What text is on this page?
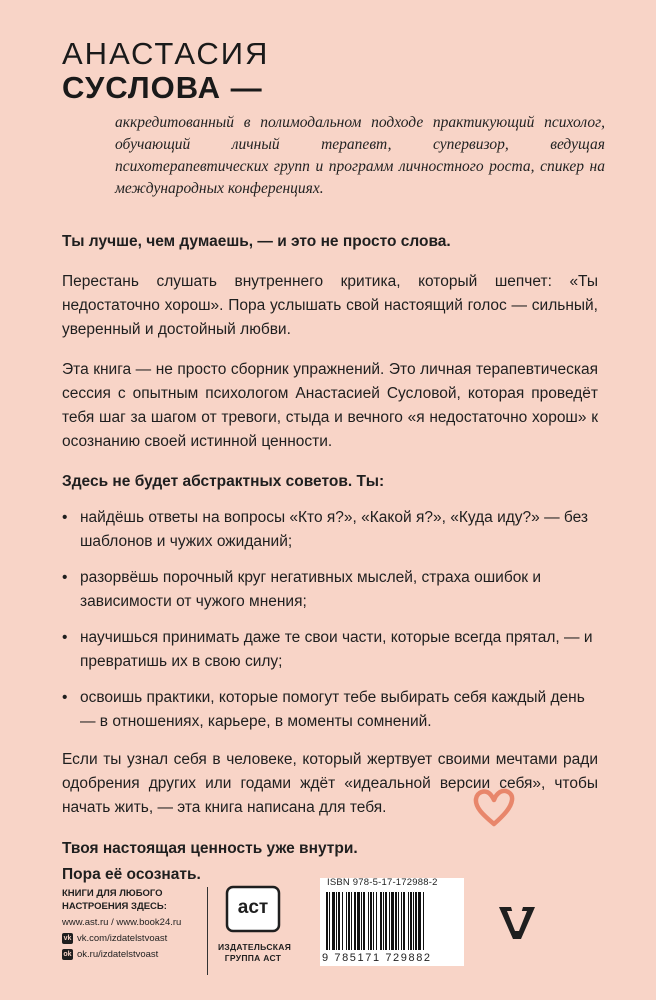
АНАСТАСИЯ
СУСЛОВА —
аккредитованный в полимодальном подходе практикующий психолог, обучающий личный терапевт, супервизор, ведущая психотерапевтических групп и программ личностного роста, спикер на международных конференциях.

Ты лучше, чем думаешь, — и это не просто слова.

Перестань слушать внутреннего критика, который шепчет: «Ты недостаточно хорош». Пора услышать свой настоящий голос — сильный, уверенный и достойный любви.

Эта книга — не просто сборник упражнений. Это личная терапевтическая сессия с опытным психологом Анастасией Сусловой, которая проведёт тебя шаг за шагом от тревоги, стыда и вечного «я недостаточно хорош» к осознанию своей истинной ценности.

Здесь не будет абстрактных советов. Ты:

• найдёшь ответы на вопросы «Кто я?», «Какой я?», «Куда иду?» — без шаблонов и чужих ожиданий;
• разорвёшь порочный круг негативных мыслей, страха ошибок и зависимости от чужого мнения;
• научишься принимать даже те свои части, которые всегда прятал, — и превратишь их в свою силу;
• освоишь практики, которые помогут тебе выбирать себя каждый день — в отношениях, карьере, в моменты сомнений.

Если ты узнал себя в человеке, который жертвует своими мечтами ради одобрения других или годами ждёт «идеальной версии себя», чтобы начать жить, — эта книга написана для тебя.

Твоя настоящая ценность уже внутри.
Пора её осознать.
КНИГИ ДЛЯ ЛЮБОГО НАСТРОЕНИЯ ЗДЕСЬ:
www.ast.ru / www.book24.ru
vk vk.com/izdatelstvoast
ok ok.ru/izdatelstvoast
аст
ИЗДАТЕЛЬСКАЯ ГРУППА АСТ
ISBN 978-5-17-172988-2
9 785171 729882
